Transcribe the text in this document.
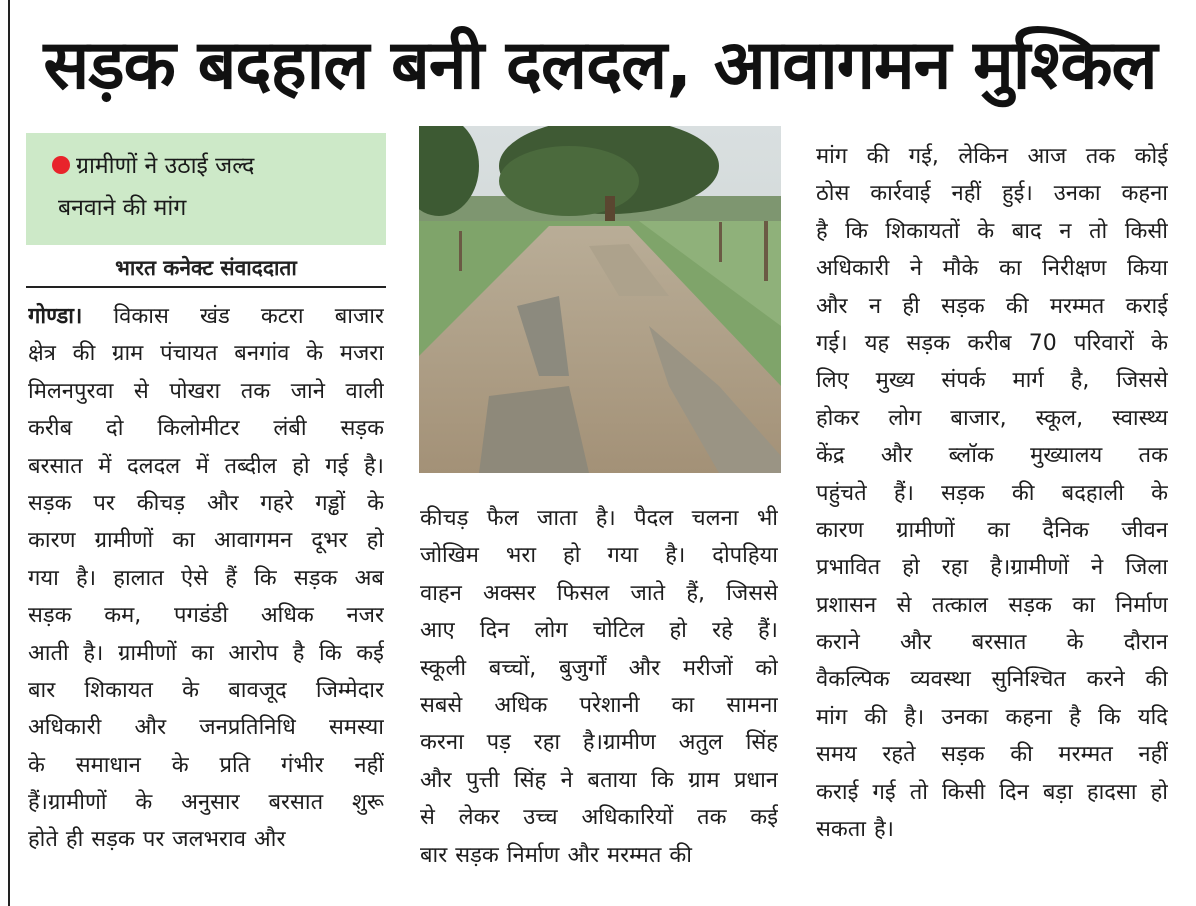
सड़क बदहाल बनी दलदल, आवागमन मुश्किल
ग्रामीणों ने उठाई जल्द
बनवाने की मांग
भारत कनेक्ट संवाददाता
गोण्डा। विकास खंड कटरा बाजार
क्षेत्र की ग्राम पंचायत बनगांव के मजरा
मिलनपुरवा से पोखरा तक जाने वाली
करीब दो किलोमीटर लंबी सड़क
बरसात में दलदल में तब्दील हो गई है।
सड़क पर कीचड़ और गहरे गड्ढों के
कारण ग्रामीणों का आवागमन दूभर हो
गया है। हालात ऐसे हैं कि सड़क अब
सड़क कम, पगडंडी अधिक नजर
आती है। ग्रामीणों का आरोप है कि कई
बार शिकायत के बावजूद जिम्मेदार
अधिकारी और जनप्रतिनिधि समस्या
के समाधान के प्रति गंभीर नहीं
हैं।ग्रामीणों के अनुसार बरसात शुरू
होते ही सड़क पर जलभराव और
कीचड़ फैल जाता है। पैदल चलना भी
जोखिम भरा हो गया है। दोपहिया
वाहन अक्सर फिसल जाते हैं, जिससे
आए दिन लोग चोटिल हो रहे हैं।
स्कूली बच्चों, बुजुर्गों और मरीजों को
सबसे अधिक परेशानी का सामना
करना पड़ रहा है।ग्रामीण अतुल सिंह
और पुत्ती सिंह ने बताया कि ग्राम प्रधान
से लेकर उच्च अधिकारियों तक कई
बार सड़क निर्माण और मरम्मत की
मांग की गई, लेकिन आज तक कोई
ठोस कार्रवाई नहीं हुई। उनका कहना
है कि शिकायतों के बाद न तो किसी
अधिकारी ने मौके का निरीक्षण किया
और न ही सड़क की मरम्मत कराई
गई। यह सड़क करीब 70 परिवारों के
लिए मुख्य संपर्क मार्ग है, जिससे
होकर लोग बाजार, स्कूल, स्वास्थ्य
केंद्र और ब्लॉक मुख्यालय तक
पहुंचते हैं। सड़क की बदहाली के
कारण ग्रामीणों का दैनिक जीवन
प्रभावित हो रहा है।ग्रामीणों ने जिला
प्रशासन से तत्काल सड़क का निर्माण
कराने और बरसात के दौरान
वैकल्पिक व्यवस्था सुनिश्चित करने की
मांग की है। उनका कहना है कि यदि
समय रहते सड़क की मरम्मत नहीं
कराई गई तो किसी दिन बड़ा हादसा हो
सकता है।
